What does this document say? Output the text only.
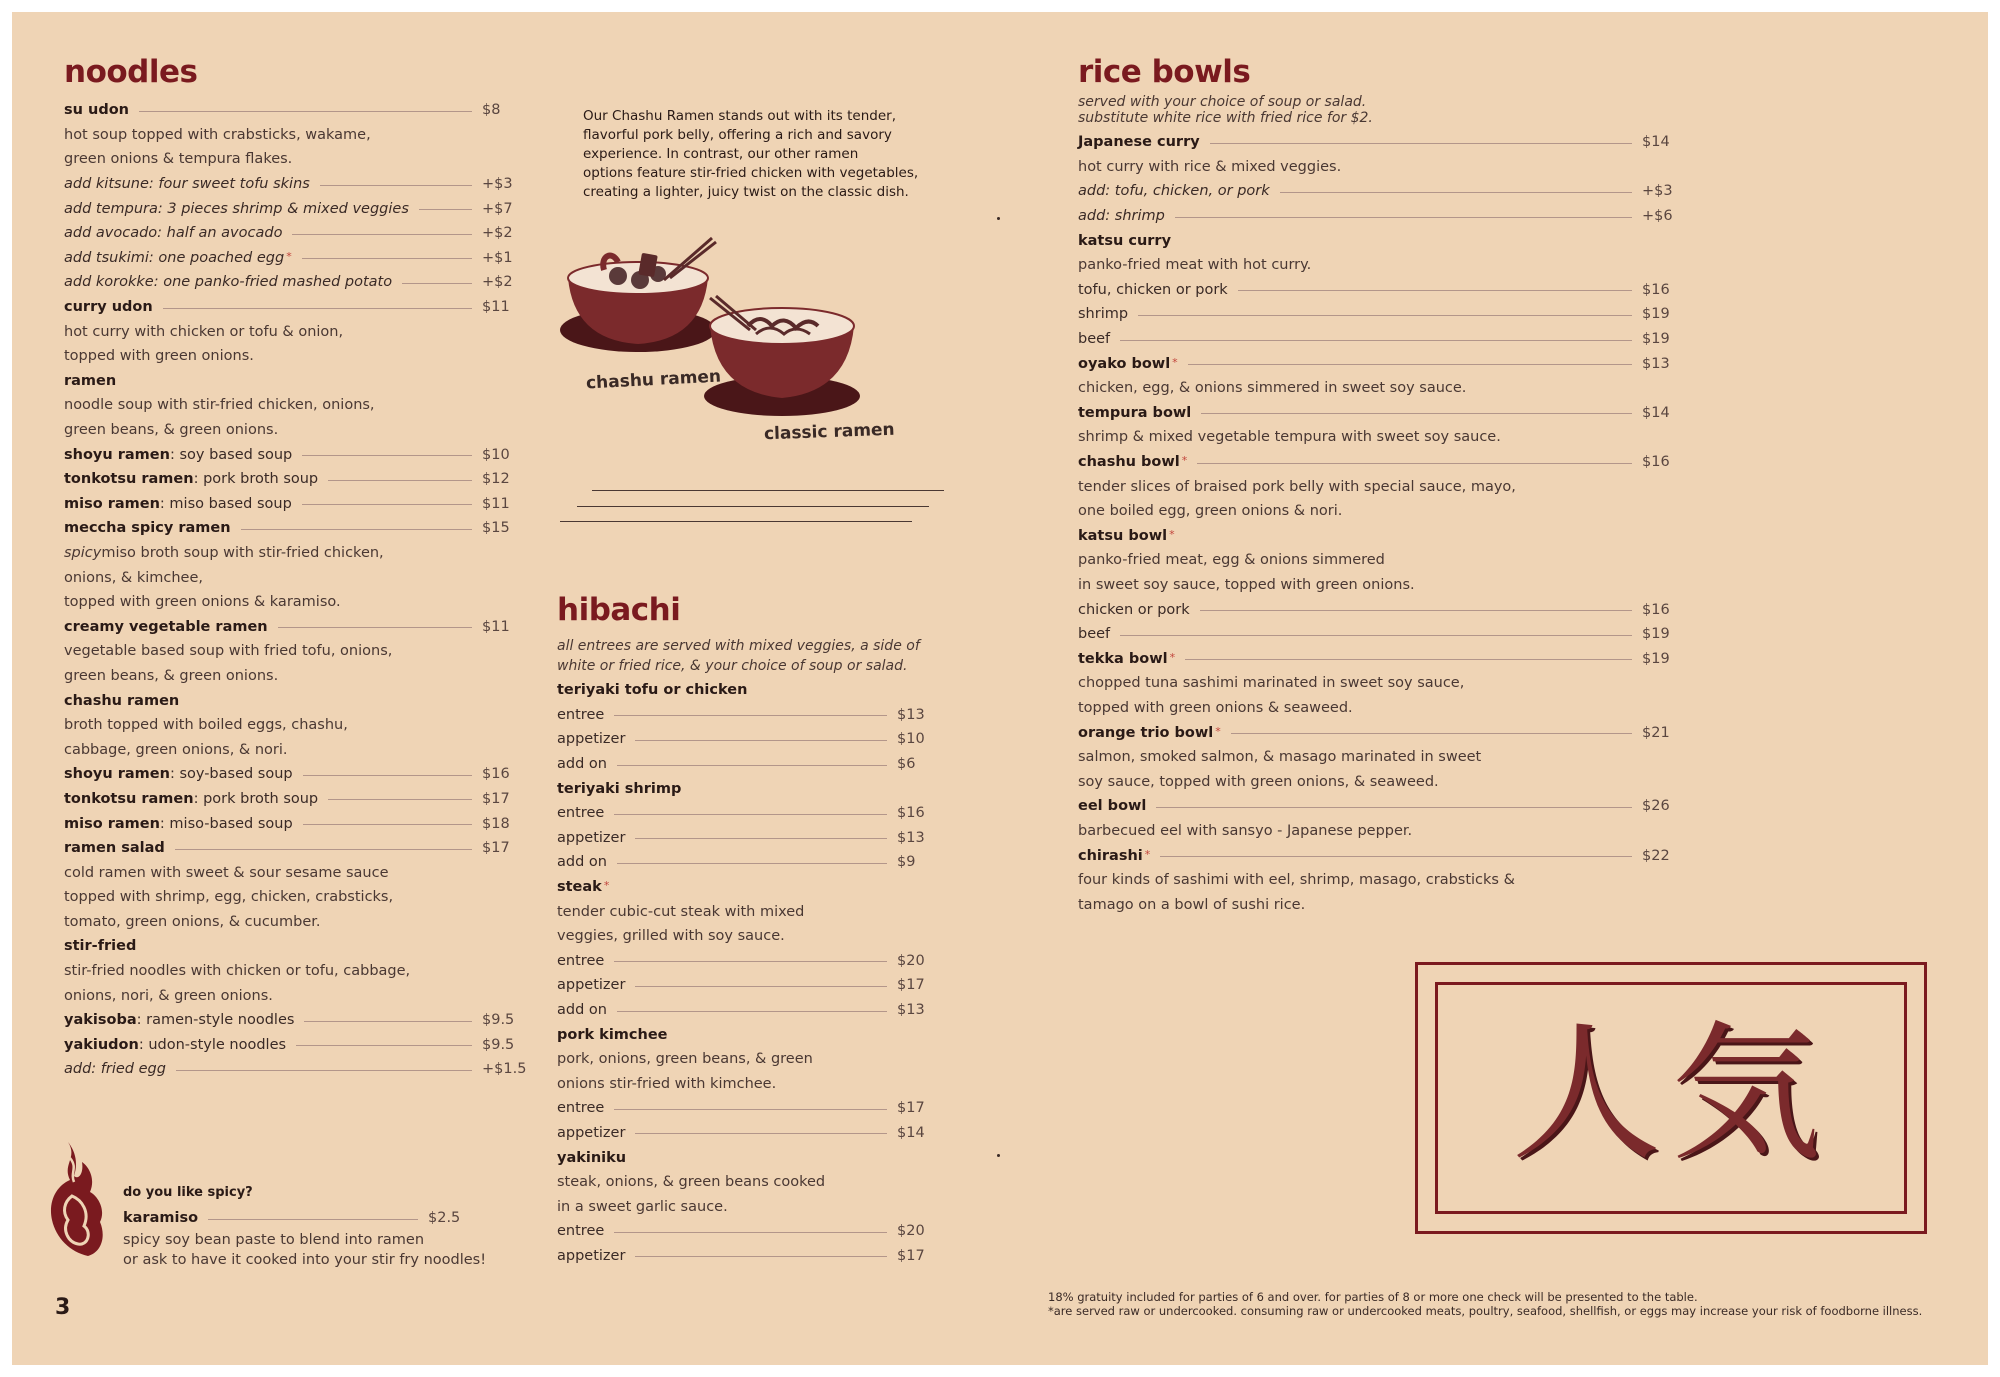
noodles
su udon	$8
hot soup topped with crabsticks, wakame,
green onions & tempura flakes.
add kitsune: four sweet tofu skins	+$3
add tempura: 3 pieces shrimp & mixed veggies	+$7
add avocado: half an avocado	+$2
add tsukimi: one poached egg *	+$1
add korokke: one panko-fried mashed potato	+$2
curry udon	$11
hot curry with chicken or tofu & onion,
topped with green onions.
ramen
noodle soup with stir-fried chicken, onions,
green beans, & green onions.
shoyu ramen: soy based soup	$10
tonkotsu ramen: pork broth soup	$12
miso ramen: miso based soup	$11
meccha spicy ramen	$15
spicy miso broth soup with stir-fried chicken,
onions, & kimchee,
topped with green onions & karamiso.
creamy vegetable ramen	$11
vegetable based soup with fried tofu, onions,
green beans, & green onions.
chashu ramen
broth topped with boiled eggs, chashu,
cabbage, green onions, & nori.
shoyu ramen: soy-based soup	$16
tonkotsu ramen: pork broth soup	$17
miso ramen: miso-based soup	$18
ramen salad	$17
cold ramen with sweet & sour sesame sauce
topped with shrimp, egg, chicken, crabsticks,
tomato, green onions, & cucumber.
stir-fried
stir-fried noodles with chicken or tofu, cabbage,
onions, nori, & green onions.
yakisoba: ramen-style noodles	$9.5
yakiudon: udon-style noodles	$9.5
add: fried egg	+$1.5
do you like spicy?
karamiso	$2.5
spicy soy bean paste to blend into ramen
or ask to have it cooked into your stir fry noodles!
3
Our Chashu Ramen stands out with its tender,
flavorful pork belly, offering a rich and savory
experience. In contrast, our other ramen
options feature stir-fried chicken with vegetables,
creating a lighter, juicy twist on the classic dish.
chashu ramen
classic ramen
hibachi
all entrees are served with mixed veggies, a side of
white or fried rice, & your choice of soup or salad.
teriyaki tofu or chicken
entree	$13
appetizer	$10
add on	$6
teriyaki shrimp
entree	$16
appetizer	$13
add on	$9
steak *
tender cubic-cut steak with mixed
veggies, grilled with soy sauce.
entree	$20
appetizer	$17
add on	$13
pork kimchee
pork, onions, green beans, & green
onions stir-fried with kimchee.
entree	$17
appetizer	$14
yakiniku
steak, onions, & green beans cooked
in a sweet garlic sauce.
entree	$20
appetizer	$17
rice bowls
served with your choice of soup or salad.
substitute white rice with fried rice for $2.
Japanese curry	$14
hot curry with rice & mixed veggies.
add: tofu, chicken, or pork	+$3
add: shrimp	+$6
katsu curry
panko-fried meat with hot curry.
tofu, chicken or pork	$16
shrimp	$19
beef	$19
oyako bowl *	$13
chicken, egg, & onions simmered in sweet soy sauce.
tempura bowl	$14
shrimp & mixed vegetable tempura with sweet soy sauce.
chashu bowl *	$16
tender slices of braised pork belly with special sauce, mayo,
one boiled egg, green onions & nori.
katsu bowl *
panko-fried meat, egg & onions simmered
in sweet soy sauce, topped with green onions.
chicken or pork	$16
beef	$19
tekka bowl *	$19
chopped tuna sashimi marinated in sweet soy sauce,
topped with green onions & seaweed.
orange trio bowl *	$21
salmon, smoked salmon, & masago marinated in sweet
soy sauce, topped with green onions, & seaweed.
eel bowl	$26
barbecued eel with sansyo - Japanese pepper.
chirashi *	$22
four kinds of sashimi with eel, shrimp, masago, crabsticks &
tamago on a bowl of sushi rice.
人気
18% gratuity included for parties of 6 and over. for parties of 8 or more one check will be presented to the table.
*are served raw or undercooked. consuming raw or undercooked meats, poultry, seafood, shellfish, or eggs may increase your risk of foodborne illness.
